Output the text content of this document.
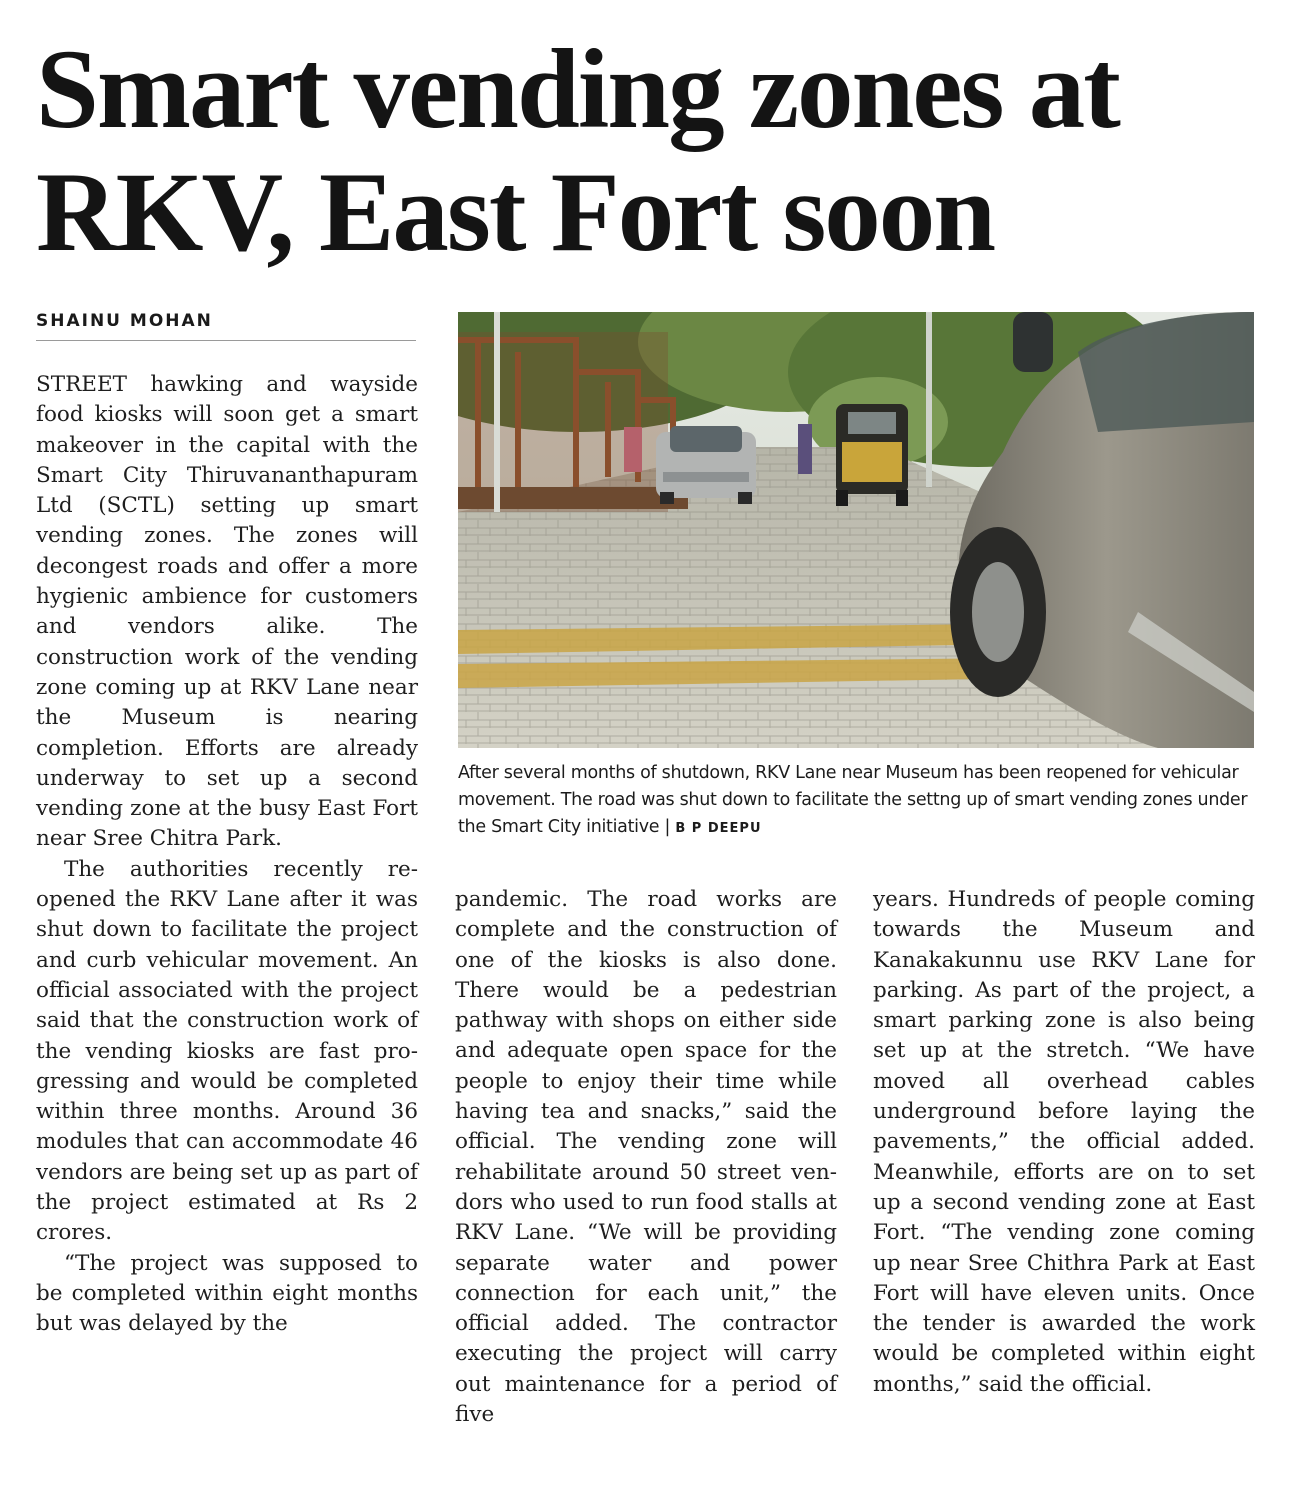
Smart vending zones at
RKV, East Fort soon
SHAINU MOHAN

STREET hawking and wayside food kiosks will soon get a smart makeover in the capital with the Smart City Thiruvananthapuram Ltd (SCTL) setting up smart vending zones. The zones will decongest roads and offer a more hygienic ambience for customers and vendors alike. The construction work of the vending zone coming up at RKV Lane near the Museum is nearing completion. Efforts are already underway to set up a second vending zone at the busy East Fort near Sree Chitra Park.

The authorities recently reopened the RKV Lane after it was shut down to facilitate the project and curb vehicular movement. An official associated with the project said that the construction work of the vending kiosks are fast progressing and would be completed within three months. Around 36 modules that can accommodate 46 vendors are being set up as part of the project estimated at Rs 2 crores.

“The project was supposed to be completed within eight months but was delayed by the

After several months of shutdown, RKV Lane near Museum has been reopened for vehicular movement. The road was shut down to facilitate the settng up of smart vending zones under the Smart City initiative | B P DEEPU

pandemic. The road works are complete and the construction of one of the kiosks is also done. There would be a pedestrian pathway with shops on either side and adequate open space for the people to enjoy their time while having tea and snacks,” said the official. The vending zone will rehabilitate around 50 street vendors who used to run food stalls at RKV Lane. “We will be providing separate water and power connection for each unit,” the official added. The contractor executing the project will carry out maintenance for a period of five

years. Hundreds of people coming towards the Museum and Kanakakunnu use RKV Lane for parking. As part of the project, a smart parking zone is also being set up at the stretch. “We have moved all overhead cables underground before laying the pavements,” the official added. Meanwhile, efforts are on to set up a second vending zone at East Fort. “The vending zone coming up near Sree Chithra Park at East Fort will have eleven units. Once the tender is awarded the work would be completed within eight months,” said the official.
